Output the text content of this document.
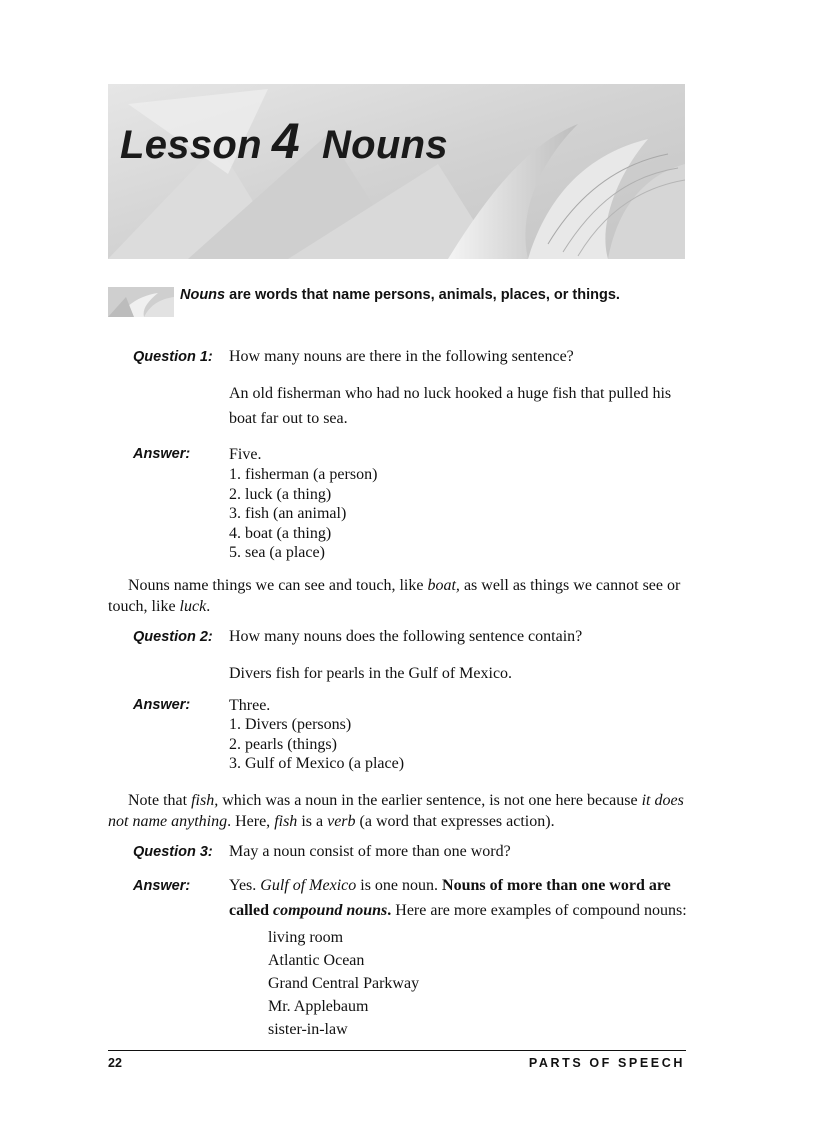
Lesson 4 Nouns
Nouns are words that name persons, animals, places, or things.
Question 1: How many nouns are there in the following sentence?
An old fisherman who had no luck hooked a huge fish that pulled his
boat far out to sea.
Answer: Five.
1. fisherman (a person)
2. luck (a thing)
3. fish (an animal)
4. boat (a thing)
5. sea (a place)
Nouns name things we can see and touch, like boat, as well as things we cannot see or touch, like luck.
Question 2: How many nouns does the following sentence contain?
Divers fish for pearls in the Gulf of Mexico.
Answer: Three.
1. Divers (persons)
2. pearls (things)
3. Gulf of Mexico (a place)
Note that fish, which was a noun in the earlier sentence, is not one here because it does not name anything. Here, fish is a verb (a word that expresses action).
Question 3: May a noun consist of more than one word?
Answer: Yes. Gulf of Mexico is one noun. Nouns of more than one word are
called compound nouns. Here are more examples of compound nouns:
living room
Atlantic Ocean
Grand Central Parkway
Mr. Applebaum
sister-in-law
22	PARTS OF SPEECH
